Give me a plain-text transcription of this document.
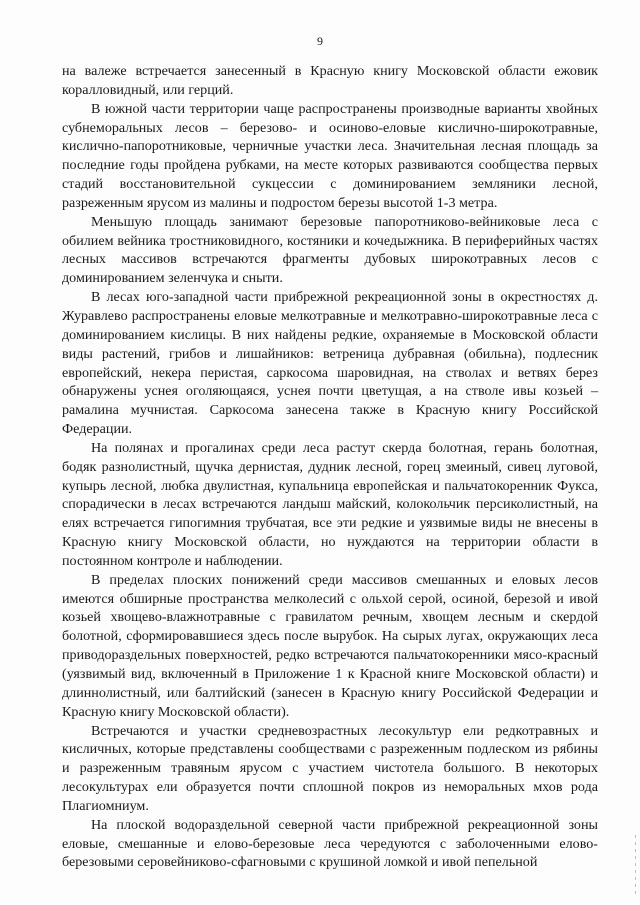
9

на валеже встречается занесенный в Красную книгу Московской области ежовик коралловидный, или герций.

В южной части территории чаще распространены производные варианты хвойных субнеморальных лесов – березово- и осиново-еловые кислично-широкотравные, кислично-папоротниковые, черничные участки леса. Значительная лесная площадь за последние годы пройдена рубками, на месте которых развиваются сообщества первых стадий восстановительной сукцессии с доминированием земляники лесной, разреженным ярусом из малины и подростом березы высотой 1-3 метра.

Меньшую площадь занимают березовые папоротниково-вейниковые леса с обилием вейника тростниковидного, костяники и кочедыжника. В периферийных частях лесных массивов встречаются фрагменты дубовых широкотравных лесов с доминированием зеленчука и сныти.

В лесах юго-западной части прибрежной рекреационной зоны в окрестностях д. Журавлево распространены еловые мелкотравные и мелкотравно-широкотравные леса с доминированием кислицы. В них найдены редкие, охраняемые в Московской области виды растений, грибов и лишайников: ветреница дубравная (обильна), подлесник европейский, некера перистая, саркосома шаровидная, на стволах и ветвях берез обнаружены уснея оголяющаяся, уснея почти цветущая, а на стволе ивы козьей – рамалина мучнистая. Саркосома занесена также в Красную книгу Российской Федерации.

На полянах и прогалинах среди леса растут скерда болотная, герань болотная, бодяк разнолистный, щучка дернистая, дудник лесной, горец змеиный, сивец луговой, купырь лесной, любка двулистная, купальница европейская и пальчатокоренник Фукса, спорадически в лесах встречаются ландыш майский, колокольчик персиколистный, на елях встречается гипогимния трубчатая, все эти редкие и уязвимые виды не внесены в Красную книгу Московской области, но нуждаются на территории области в постоянном контроле и наблюдении.

В пределах плоских понижений среди массивов смешанных и еловых лесов имеются обширные пространства мелколесий с ольхой серой, осиной, березой и ивой козьей хвощево-влажнотравные с гравилатом речным, хвощем лесным и скердой болотной, сформировавшиеся здесь после вырубок. На сырых лугах, окружающих леса приводораздельных поверхностей, редко встречаются пальчатокоренники мясо-красный (уязвимый вид, включенный в Приложение 1 к Красной книге Московской области) и длиннолистный, или балтийский (занесен в Красную книгу Российской Федерации и Красную книгу Московской области).

Встречаются и участки средневозрастных лесокультур ели редкотравных и кисличных, которые представлены сообществами с разреженным подлеском из рябины и разреженным травяным ярусом с участием чистотела большого. В некоторых лесокультурах ели образуется почти сплошной покров из неморальных мхов рода Плагиомниум.

На плоской водораздельной северной части прибрежной рекреационной зоны еловые, смешанные и елово-березовые леса чередуются с заболоченными елово-березовыми серовейниково-сфагновыми с крушиной ломкой и ивой пепельной
